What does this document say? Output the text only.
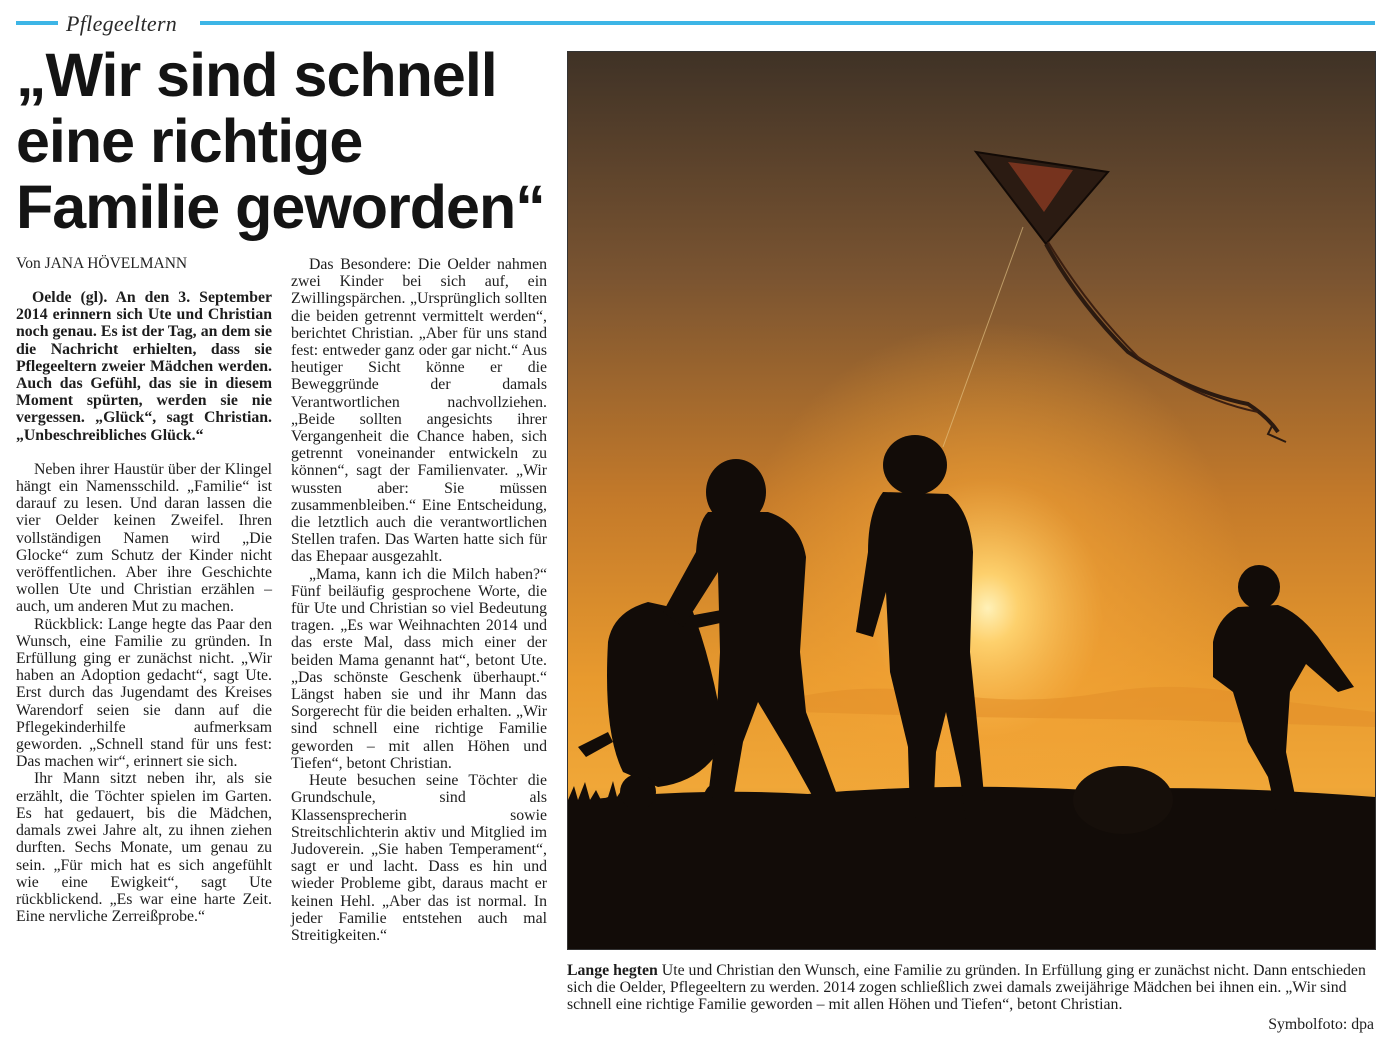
Pflegeeltern
„Wir sind schnell eine richtige Familie geworden“
Von JANA HÖVELMANN

Oelde (gl). An den 3. September 2014 erinnern sich Ute und Christian noch genau. Es ist der Tag, an dem sie die Nachricht erhielten, dass sie Pflegeeltern zweier Mädchen werden. Auch das Gefühl, das sie in diesem Moment spürten, werden sie nie vergessen. „Glück“, sagt Christian. „Unbeschreibliches Glück.“

Neben ihrer Haustür über der Klingel hängt ein Namensschild. „Familie“ ist darauf zu lesen. Und daran lassen die vier Oelder keinen Zweifel. Ihren vollständigen Namen wird „Die Glocke“ zum Schutz der Kinder nicht veröffentlichen. Aber ihre Geschichte wollen Ute und Christian erzählen – auch, um anderen Mut zu machen.

Rückblick: Lange hegte das Paar den Wunsch, eine Familie zu gründen. In Erfüllung ging er zunächst nicht. „Wir haben an Adoption gedacht“, sagt Ute. Erst durch das Jugendamt des Kreises Warendorf seien sie dann auf die Pflegekinderhilfe aufmerksam geworden. „Schnell stand für uns fest: Das machen wir“, erinnert sie sich.

Ihr Mann sitzt neben ihr, als sie erzählt, die Töchter spielen im Garten. Es hat gedauert, bis die Mädchen, damals zwei Jahre alt, zu ihnen ziehen durften. Sechs Monate, um genau zu sein. „Für mich hat es sich angefühlt wie eine Ewigkeit“, sagt Ute rückblickend. „Es war eine harte Zeit. Eine nervliche Zerreißprobe.“

Das Besondere: Die Oelder nahmen zwei Kinder bei sich auf, ein Zwillingspärchen. „Ursprünglich sollten die beiden getrennt vermittelt werden“, berichtet Christian. „Aber für uns stand fest: entweder ganz oder gar nicht.“ Aus heutiger Sicht könne er die Beweggründe der damals Verantwortlichen nachvollziehen. „Beide sollten angesichts ihrer Vergangenheit die Chance haben, sich getrennt voneinander entwickeln zu können“, sagt der Familienvater. „Wir wussten aber: Sie müssen zusammenbleiben.“ Eine Entscheidung, die letztlich auch die verantwortlichen Stellen trafen. Das Warten hatte sich für das Ehepaar ausgezahlt.

„Mama, kann ich die Milch haben?“ Fünf beiläufig gesprochene Worte, die für Ute und Christian so viel Bedeutung tragen. „Es war Weihnachten 2014 und das erste Mal, dass mich einer der beiden Mama genannt hat“, betont Ute. „Das schönste Geschenk überhaupt.“ Längst haben sie und ihr Mann das Sorgerecht für die beiden erhalten. „Wir sind schnell eine richtige Familie geworden – mit allen Höhen und Tiefen“, betont Christian.

Heute besuchen seine Töchter die Grundschule, sind als Klassensprecherin sowie Streitschlichterin aktiv und Mitglied im Judoverein. „Sie haben Temperament“, sagt er und lacht. Dass es hin und wieder Probleme gibt, daraus macht er keinen Hehl. „Aber das ist normal. In jeder Familie entstehen auch mal Streitigkeiten.“

Lange hegten Ute und Christian den Wunsch, eine Familie zu gründen. In Erfüllung ging er zunächst nicht. Dann entschieden sich die Oelder, Pflegeeltern zu werden. 2014 zogen schließlich zwei damals zweijährige Mädchen bei ihnen ein. „Wir sind schnell eine richtige Familie geworden – mit allen Höhen und Tiefen“, betont Christian.
Symbolfoto: dpa
